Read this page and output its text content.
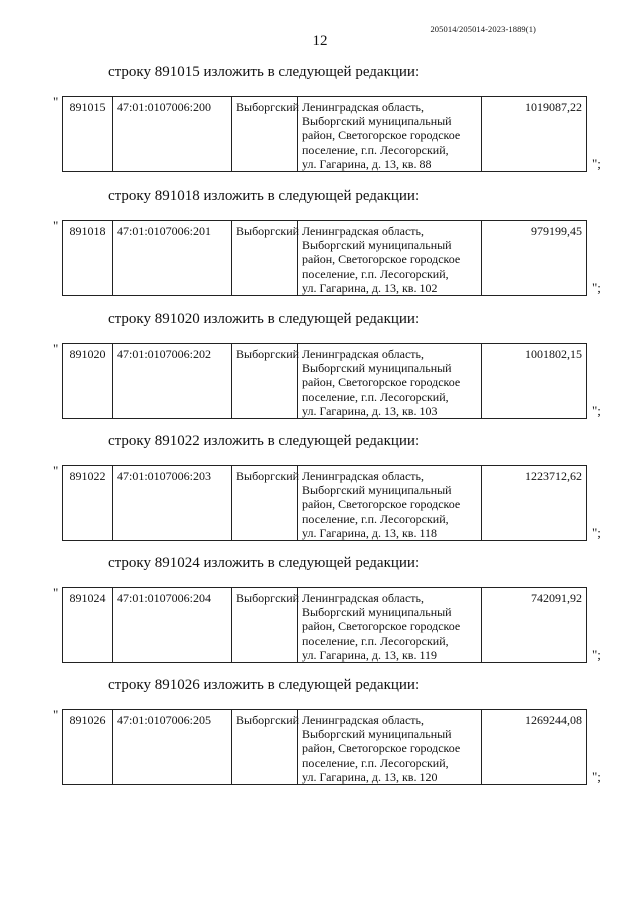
205014/205014-2023-1889(1)
12
строку 891015 изложить в следующей редакции:
" 891015	47:01:0107006:200	Выборгский	Ленинградская область,
Выборгский муниципальный
район, Светогорское городское
поселение, г.п. Лесогорский,
ул. Гагарина, д. 13, кв. 88
	1019087,22
";
строку 891018 изложить в следующей редакции:
" 891018	47:01:0107006:201	Выборгский	Ленинградская область,
Выборгский муниципальный
район, Светогорское городское
поселение, г.п. Лесогорский,
ул. Гагарина, д. 13, кв. 102
	979199,45
";
строку 891020 изложить в следующей редакции:
" 891020	47:01:0107006:202	Выборгский	Ленинградская область,
Выборгский муниципальный
район, Светогорское городское
поселение, г.п. Лесогорский,
ул. Гагарина, д. 13, кв. 103
	1001802,15
";
строку 891022 изложить в следующей редакции:
" 891022	47:01:0107006:203	Выборгский	Ленинградская область,
Выборгский муниципальный
район, Светогорское городское
поселение, г.п. Лесогорский,
ул. Гагарина, д. 13, кв. 118
	1223712,62
";
строку 891024 изложить в следующей редакции:
" 891024	47:01:0107006:204	Выборгский	Ленинградская область,
Выборгский муниципальный
район, Светогорское городское
поселение, г.п. Лесогорский,
ул. Гагарина, д. 13, кв. 119
	742091,92
";
строку 891026 изложить в следующей редакции:
" 891026	47:01:0107006:205	Выборгский	Ленинградская область,
Выборгский муниципальный
район, Светогорское городское
поселение, г.п. Лесогорский,
ул. Гагарина, д. 13, кв. 120
	1269244,08
";
